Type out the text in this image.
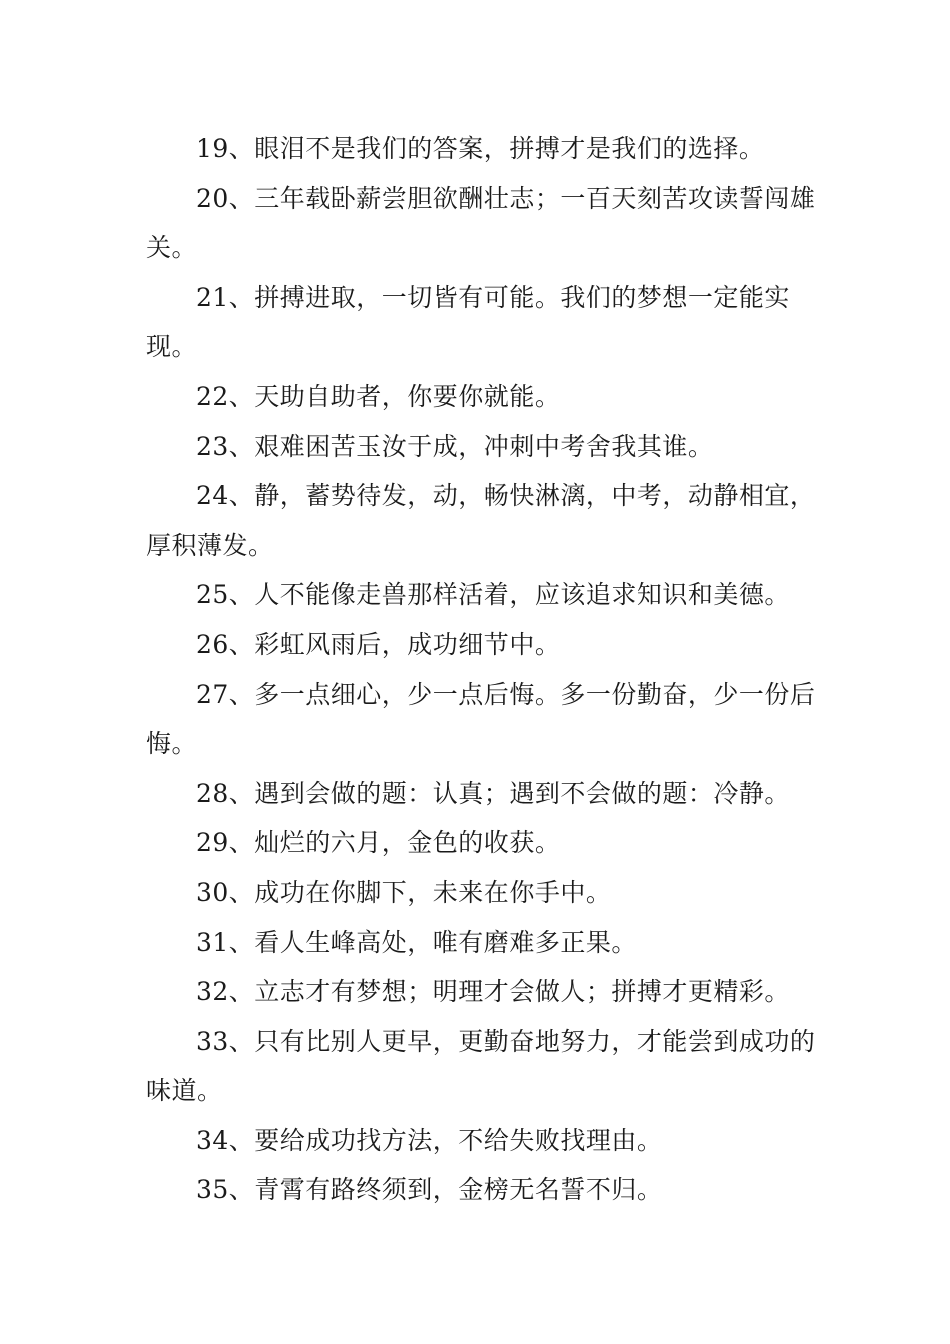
19、眼泪不是我们的答案，拼搏才是我们的选择。

20、三年载卧薪尝胆欲酬壮志；一百天刻苦攻读誓闯雄关。

21、拼搏进取，一切皆有可能。我们的梦想一定能实现。

22、天助自助者，你要你就能。

23、艰难困苦玉汝于成，冲刺中考舍我其谁。

24、静，蓄势待发，动，畅快淋漓，中考，动静相宜，厚积薄发。

25、人不能像走兽那样活着，应该追求知识和美德。

26、彩虹风雨后，成功细节中。

27、多一点细心，少一点后悔。多一份勤奋，少一份后悔。

28、遇到会做的题：认真；遇到不会做的题：冷静。

29、灿烂的六月，金色的收获。

30、成功在你脚下，未来在你手中。

31、看人生峰高处，唯有磨难多正果。

32、立志才有梦想；明理才会做人；拼搏才更精彩。

33、只有比别人更早，更勤奋地努力，才能尝到成功的味道。

34、要给成功找方法，不给失败找理由。

35、青霄有路终须到，金榜无名誓不归。
